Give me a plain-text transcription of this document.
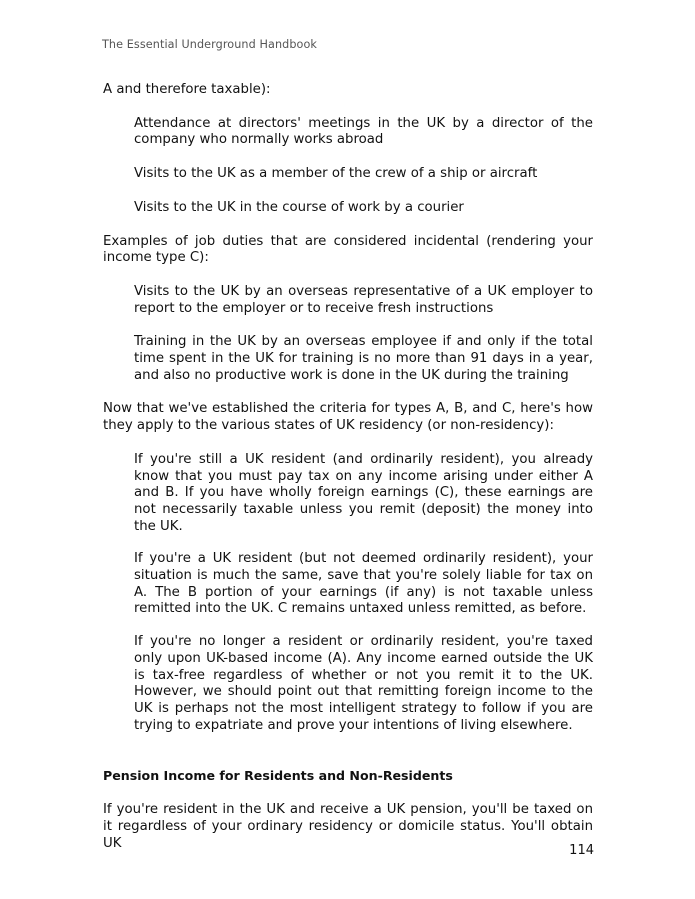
The Essential Underground Handbook

A and therefore taxable):

Attendance at directors' meetings in the UK by a director of the company who normally works abroad

Visits to the UK as a member of the crew of a ship or aircraft

Visits to the UK in the course of work by a courier

Examples of job duties that are considered incidental (rendering your income type C):

Visits to the UK by an overseas representative of a UK employer to report to the employer or to receive fresh instructions

Training in the UK by an overseas employee if and only if the total time spent in the UK for training is no more than 91 days in a year, and also no productive work is done in the UK during the training

Now that we've established the criteria for types A, B, and C, here's how they apply to the various states of UK residency (or non-residency):

If you're still a UK resident (and ordinarily resident), you already know that you must pay tax on any income arising under either A and B. If you have wholly foreign earnings (C), these earnings are not necessarily taxable unless you remit (deposit) the money into the UK.

If you're a UK resident (but not deemed ordinarily resident), your situation is much the same, save that you're solely liable for tax on A. The B portion of your earnings (if any) is not taxable unless remitted into the UK. C remains untaxed unless remitted, as before.

If you're no longer a resident or ordinarily resident, you're taxed only upon UK-based income (A). Any income earned outside the UK is tax-free regardless of whether or not you remit it to the UK. However, we should point out that remitting foreign income to the UK is perhaps not the most intelligent strategy to follow if you are trying to expatriate and prove your intentions of living elsewhere.

Pension Income for Residents and Non-Residents

If you're resident in the UK and receive a UK pension, you'll be taxed on it regardless of your ordinary residency or domicile status. You'll obtain UK	114
